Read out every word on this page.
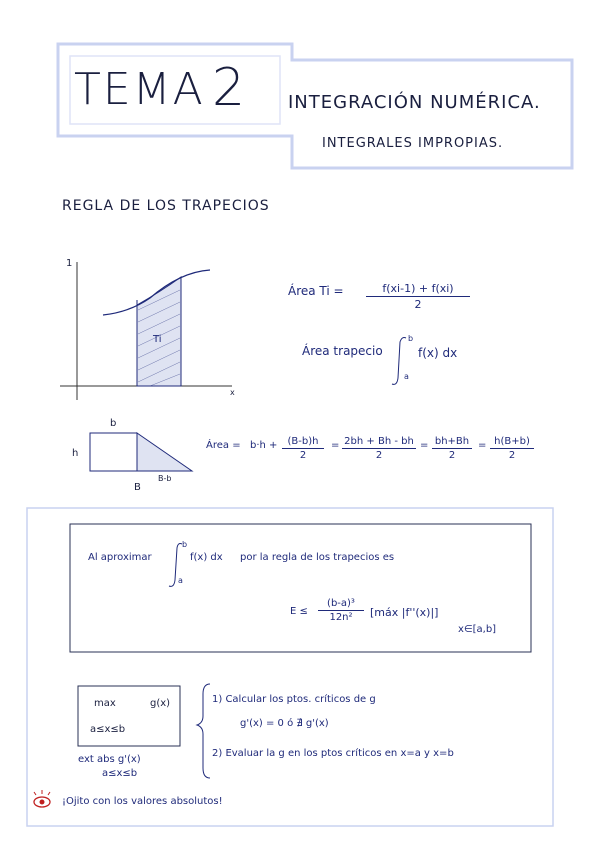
TEMA 2 INTEGRACIÓN NUMÉRICA.
INTEGRALES IMPROPIAS.
REGLA DE LOS TRAPECIOS
1
x
Ti
Área Ti =	f(xi-1) + f(xi)
2
Área trapecio
b
a
f(x) dx
b
h
B
B-b
Área = b·h +	(B-b)h
2
= 2bh + Bh - bh
2
= bh+Bh
2
= h(B+b)
2
Al aproximar
b
a
f(x) dx por la regla de los trapecios es
E ≤
(b-a)³
12n²	[máx |f''(x)|]
x∈[a,b]
max	g(x)
a≤x≤b
ext abs g'(x)
a≤x≤b
1) Calcular los ptos. críticos de g
g'(x) = 0 ó ∄ g'(x)
2) Evaluar la g en los ptos críticos en x=a y x=b
¡Ojito con los valores absolutos!
